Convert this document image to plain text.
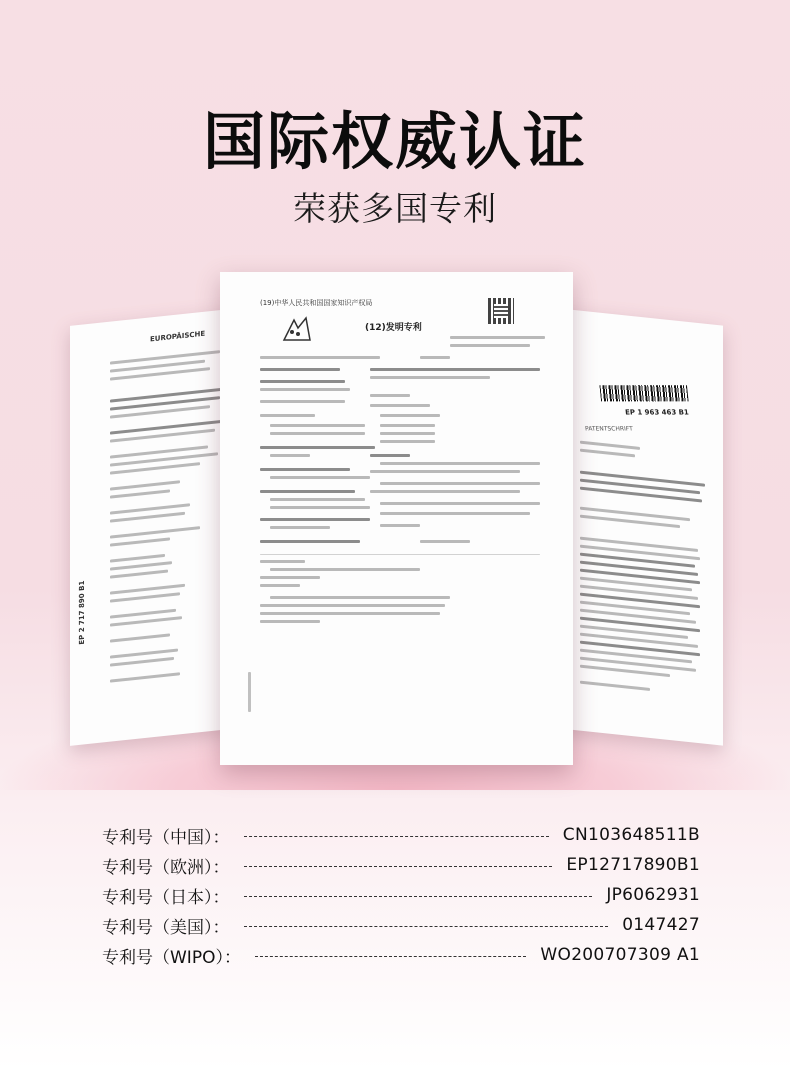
国际权威认证
荣获多国专利
EUROPÄISCHE
EP 2 717 890 B1
EP 1 963 463 B1
PATENTSCHRIFT
(19)中华人民共和国国家知识产权局
(12)发明专利
专利号（中国）：	CN103648511B
专利号（欧洲）：	EP12717890B1
专利号（日本）：	JP6062931
专利号（美国）：	0147427
专利号（WIPO）：	WO200707309 A1
